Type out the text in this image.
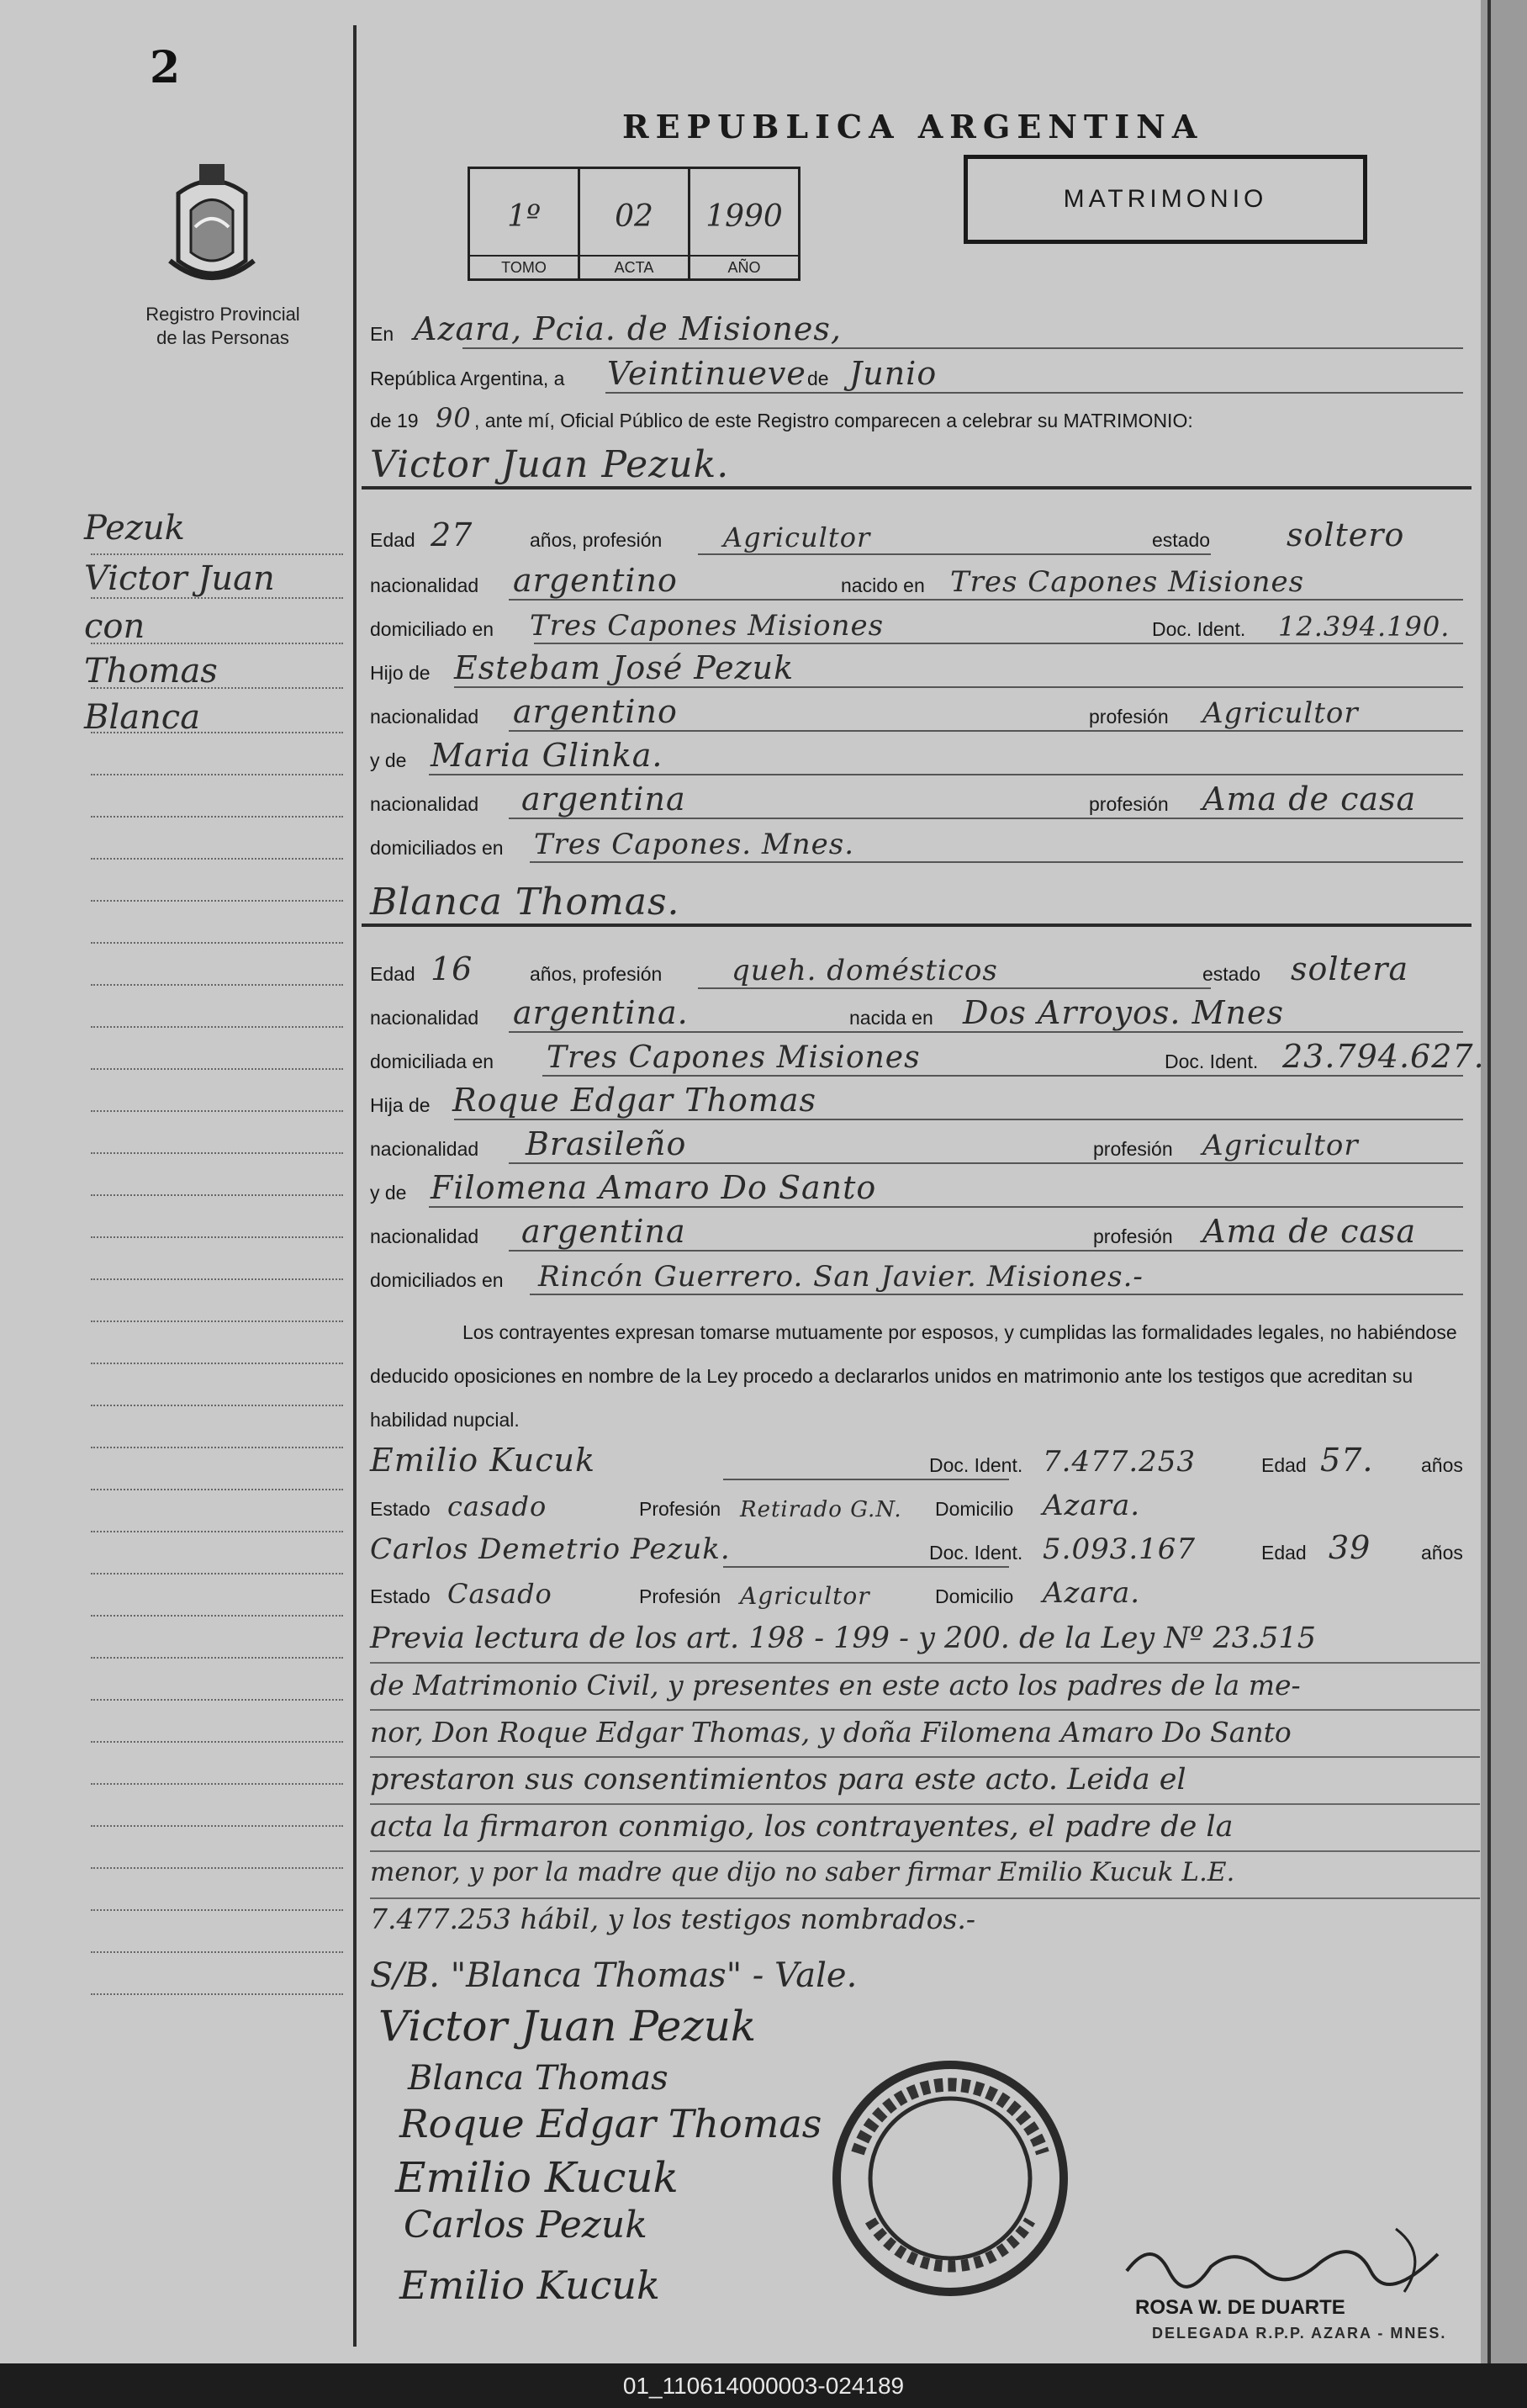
2
Registro Provincial
de las Personas
REPUBLICA ARGENTINA
1º
TOMO
02
ACTA
1990
AÑO
MATRIMONIO
Pezuk
Victor Juan
con
Thomas
Blanca
En Azara, Pcia. de Misiones,
República Argentina, a Veintinueve de Junio
de 19 90 , ante mí, Oficial Público de este Registro comparecen a celebrar su MATRIMONIO:
Victor Juan Pezuk.
Edad 27	años, profesión Agricultor	estado soltero
nacionalidad argentino	nacido en Tres Capones Misiones
domiciliado en Tres Capones Misiones	Doc. Ident. 12.394.190.
Hijo de Estebam José Pezuk
nacionalidad argentino	profesión Agricultor
y de Maria Glinka.
nacionalidad argentina	profesión Ama de casa
domiciliados en Tres Capones. Mnes.
Blanca Thomas.
Edad 16	años, profesión queh. domésticos	estado soltera
nacionalidad argentina.	nacida en Dos Arroyos. Mnes
domiciliada en Tres Capones Misiones	Doc. Ident. 23.794.627.
Hija de Roque Edgar Thomas
nacionalidad Brasileño	profesión Agricultor
y de Filomena Amaro Do Santo
nacionalidad argentina	profesión Ama de casa
domiciliados en Rincón Guerrero. San Javier. Misiones.-
Los contrayentes expresan tomarse mutuamente por esposos, y cumplidas las formalidades legales, no habiéndose deducido oposiciones en nombre de la Ley procedo a declararlos unidos en matrimonio ante los testigos que acreditan su habilidad nupcial.
Emilio Kucuk	Doc. Ident. 7.477.253	Edad 57. años
Estado casado	Profesión Retirado G.N. Domicilio Azara.
Carlos Demetrio Pezuk.	Doc. Ident. 5.093.167	Edad 39	años
Estado Casado	Profesión Agricultor	Domicilio Azara.
Previa lectura de los art. 198 - 199 - y 200. de la Ley Nº 23.515
de Matrimonio Civil, y presentes en este acto los padres de la me-
nor, Don Roque Edgar Thomas, y doña Filomena Amaro Do Santo
prestaron sus consentimientos para este acto. Leida el
acta la firmaron conmigo, los contrayentes, el padre de la
menor, y por la madre que dijo no saber firmar Emilio Kucuk L.E.
7.477.253 hábil, y los testigos nombrados.-
S/B. "Blanca Thomas" - Vale.
Victor Juan Pezuk
Blanca Thomas
Roque Edgar Thomas
Emilio Kucuk
Carlos Pezuk
Emilio Kucuk	ROSA W. DE DUARTE
DELEGADA R.P.P. AZARA - MNES.
01_110614000003-024189
